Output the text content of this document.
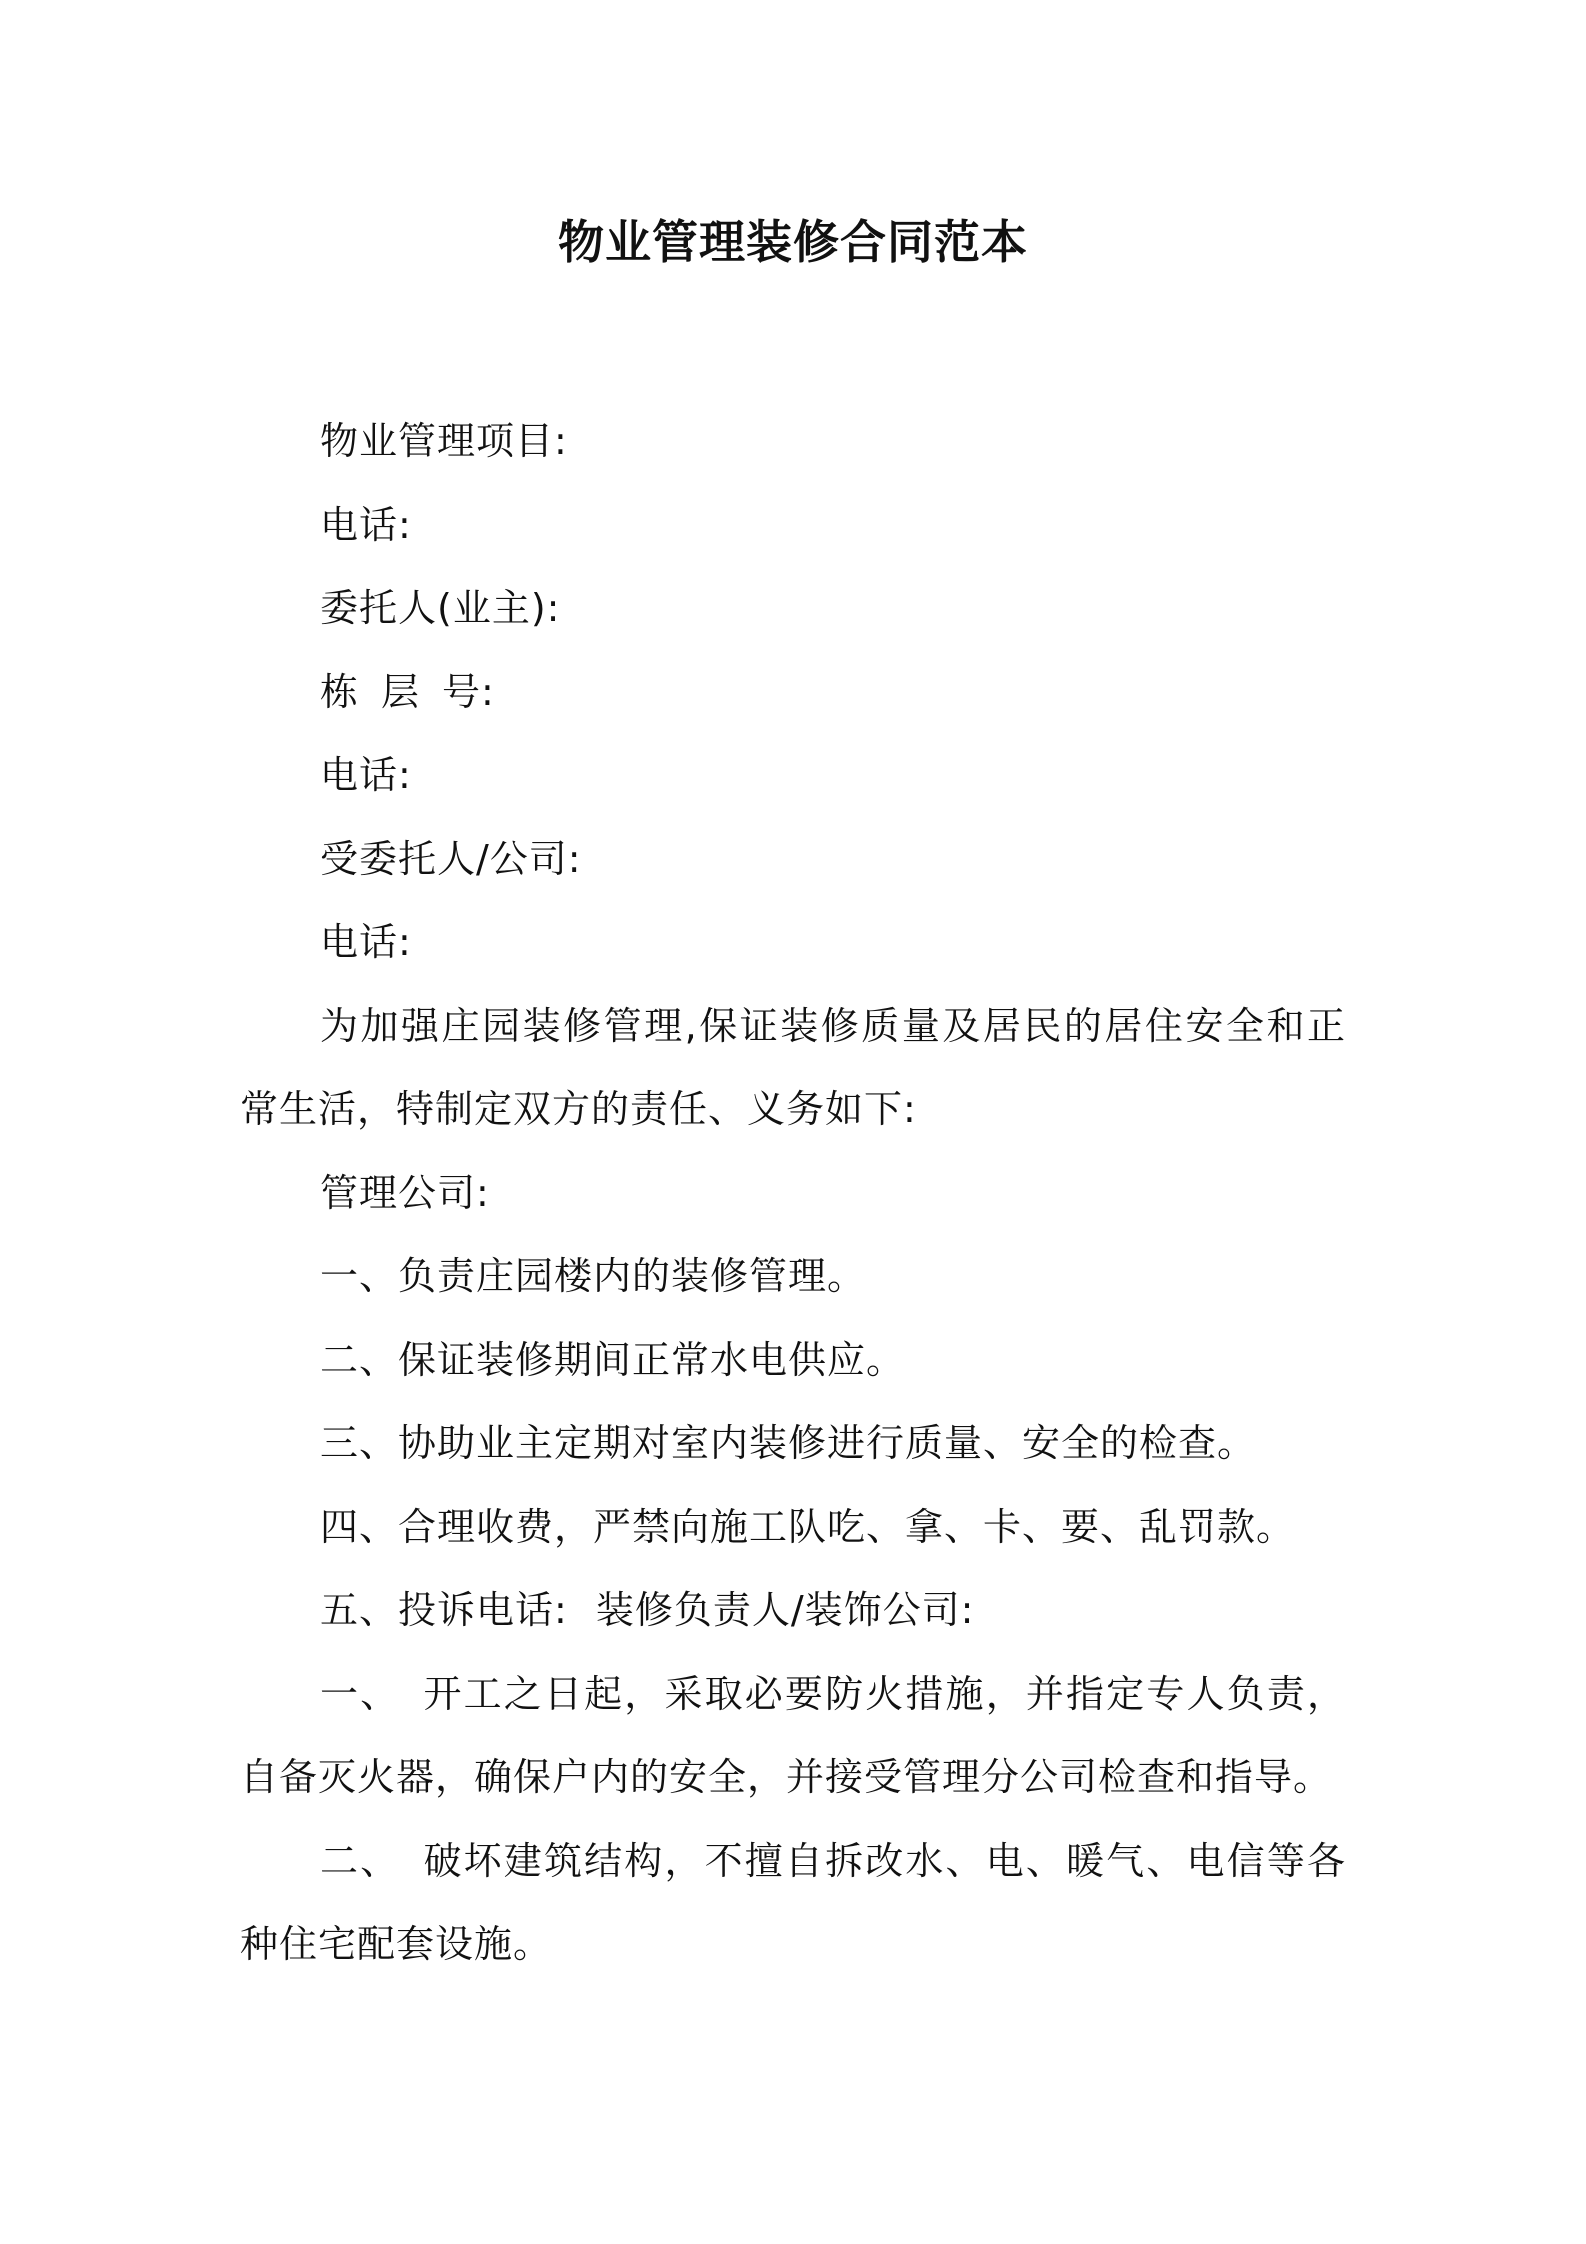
物业管理装修合同范本

物业管理项目:

电话:

委托人(业主):

栋 层 号:

电话:

受委托人/公司:

电话:

为加强庄园装修管理,保证装修质量及居民的居住安全和正常生活，特制定双方的责任、义务如下:

管理公司:

一、负责庄园楼内的装修管理。

二、保证装修期间正常水电供应。

三、协助业主定期对室内装修进行质量、安全的检查。

四、合理收费，严禁向施工队吃、拿、卡、要、乱罚款。

五、投诉电话: 装修负责人/装饰公司:

一、 开工之日起，采取必要防火措施，并指定专人负责，自备灭火器，确保户内的安全，并接受管理分公司检查和指导。

二、 破坏建筑结构，不擅自拆改水、电、暖气、电信等各种住宅配套设施。
